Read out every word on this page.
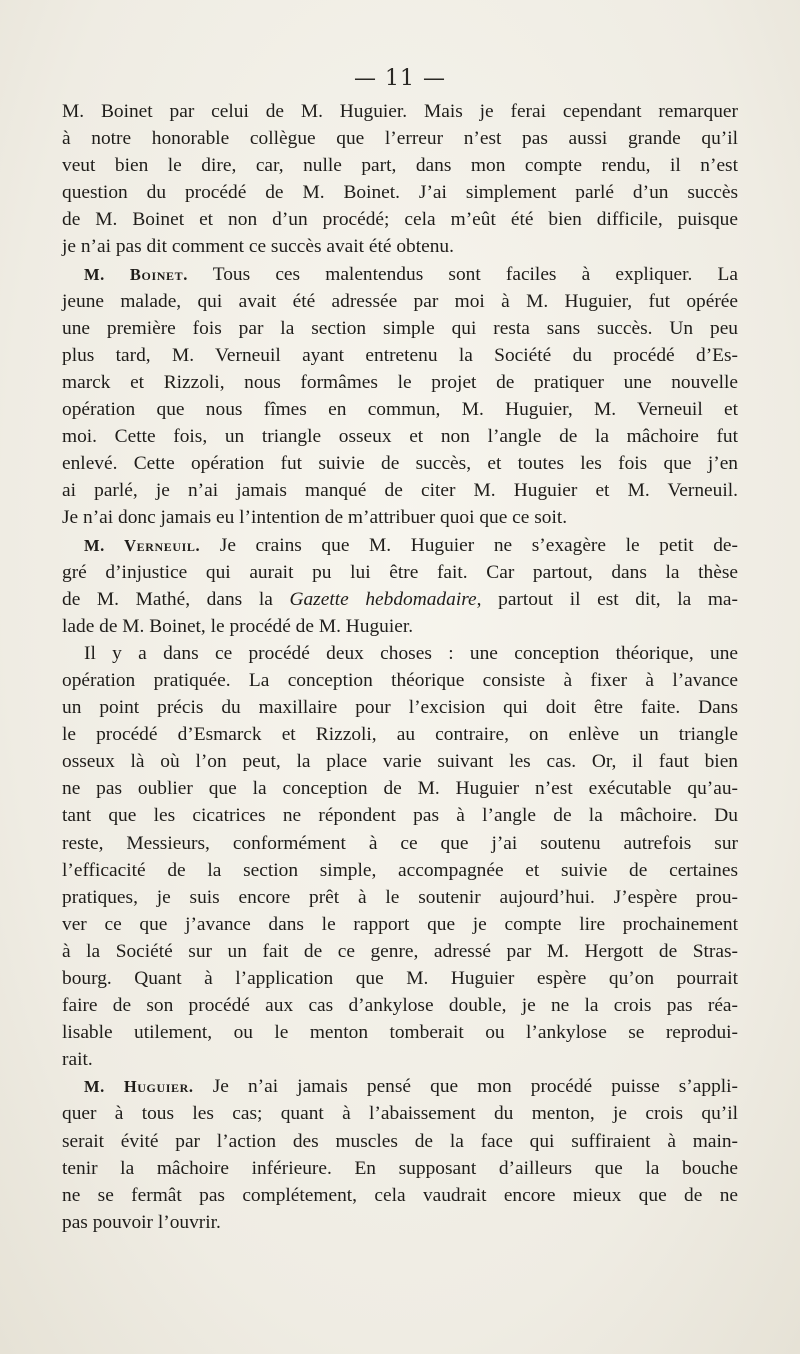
— 11 —
M. Boinet par celui de M. Huguier. Mais je ferai cependant remarquer
à notre honorable collègue que l’erreur n’est pas aussi grande qu’il
veut bien le dire, car, nulle part, dans mon compte rendu, il n’est
question du procédé de M. Boinet. J’ai simplement parlé d’un succès
de M. Boinet et non d’un procédé; cela m’eût été bien difficile, puisque
je n’ai pas dit comment ce succès avait été obtenu.
M. Boinet. Tous ces malentendus sont faciles à expliquer. La
jeune malade, qui avait été adressée par moi à M. Huguier, fut opérée
une première fois par la section simple qui resta sans succès. Un peu
plus tard, M. Verneuil ayant entretenu la Société du procédé d’Es-
marck et Rizzoli, nous formâmes le projet de pratiquer une nouvelle
opération que nous fîmes en commun, M. Huguier, M. Verneuil et
moi. Cette fois, un triangle osseux et non l’angle de la mâchoire fut
enlevé. Cette opération fut suivie de succès, et toutes les fois que j’en
ai parlé, je n’ai jamais manqué de citer M. Huguier et M. Verneuil.
Je n’ai donc jamais eu l’intention de m’attribuer quoi que ce soit.
M. Verneuil. Je crains que M. Huguier ne s’exagère le petit de-
gré d’injustice qui aurait pu lui être fait. Car partout, dans la thèse
de M. Mathé, dans la Gazette hebdomadaire, partout il est dit, la ma-
lade de M. Boinet, le procédé de M. Huguier.
Il y a dans ce procédé deux choses : une conception théorique, une
opération pratiquée. La conception théorique consiste à fixer à l’avance
un point précis du maxillaire pour l’excision qui doit être faite. Dans
le procédé d’Esmarck et Rizzoli, au contraire, on enlève un triangle
osseux là où l’on peut, la place varie suivant les cas. Or, il faut bien
ne pas oublier que la conception de M. Huguier n’est exécutable qu’au-
tant que les cicatrices ne répondent pas à l’angle de la mâchoire. Du
reste, Messieurs, conformément à ce que j’ai soutenu autrefois sur
l’efficacité de la section simple, accompagnée et suivie de certaines
pratiques, je suis encore prêt à le soutenir aujourd’hui. J’espère prou-
ver ce que j’avance dans le rapport que je compte lire prochainement
à la Société sur un fait de ce genre, adressé par M. Hergott de Stras-
bourg. Quant à l’application que M. Huguier espère qu’on pourrait
faire de son procédé aux cas d’ankylose double, je ne la crois pas réa-
lisable utilement, ou le menton tomberait ou l’ankylose se reprodui-
rait.
M. Huguier. Je n’ai jamais pensé que mon procédé puisse s’appli-
quer à tous les cas; quant à l’abaissement du menton, je crois qu’il
serait évité par l’action des muscles de la face qui suffiraient à main-
tenir la mâchoire inférieure. En supposant d’ailleurs que la bouche
ne se fermât pas complétement, cela vaudrait encore mieux que de ne
pas pouvoir l’ouvrir.
